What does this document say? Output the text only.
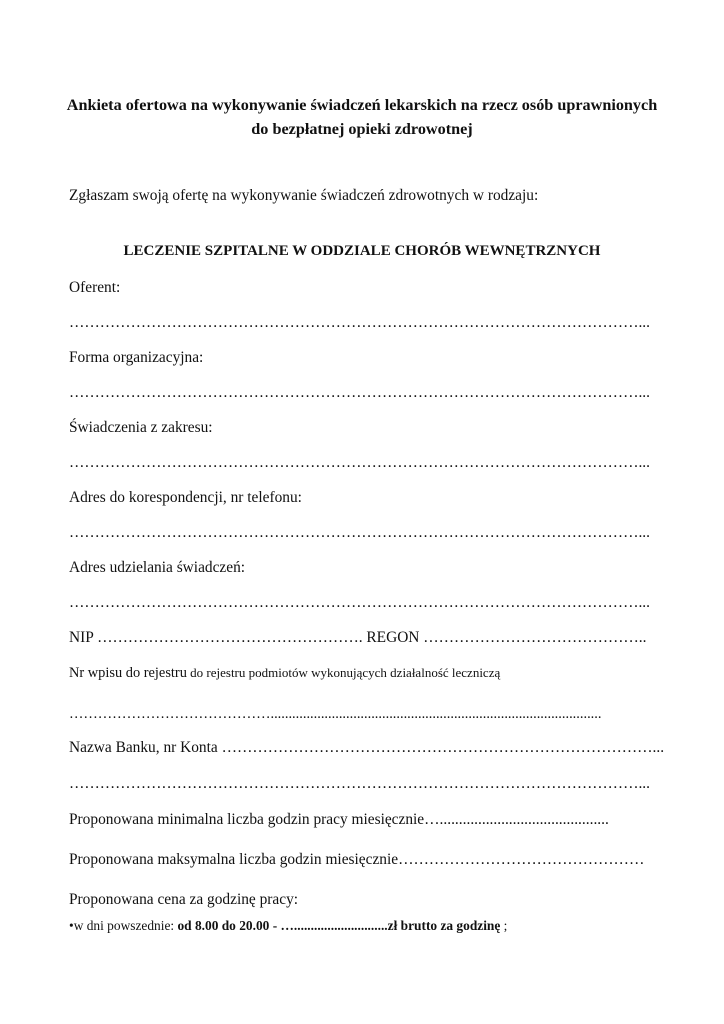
Ankieta ofertowa na wykonywanie świadczeń lekarskich na rzecz osób uprawnionych
do bezpłatnej opieki zdrowotnej
Zgłaszam swoją ofertę na wykonywanie świadczeń zdrowotnych w rodzaju:
LECZENIE SZPITALNE W ODDZIALE CHORÓB WEWNĘTRZNYCH
Oferent:
…………………………………………………………………………………………………...
Forma organizacyjna:
…………………………………………………………………………………………………...
Świadczenia z zakresu:
…………………………………………………………………………………………………...
Adres do korespondencji, nr telefonu:
…………………………………………………………………………………………………...
Adres udzielania świadczeń:
…………………………………………………………………………………………………...
NIP ……………………………………………. REGON ……………………………………..
Nr wpisu do rejestru do rejestru podmiotów wykonujących działalność leczniczą
……………………………………............................................................................................
Nazwa Banku, nr Konta …………………………………………………………………………...
…………………………………………………………………………………………………...
Proponowana minimalna liczba godzin pracy miesięcznie…............................................
Proponowana maksymalna liczba godzin miesięcznie…………………………………………
Proponowana cena za godzinę pracy:
•w dni powszednie: od 8.00 do 20.00 - …............................zł brutto za godzinę ;
